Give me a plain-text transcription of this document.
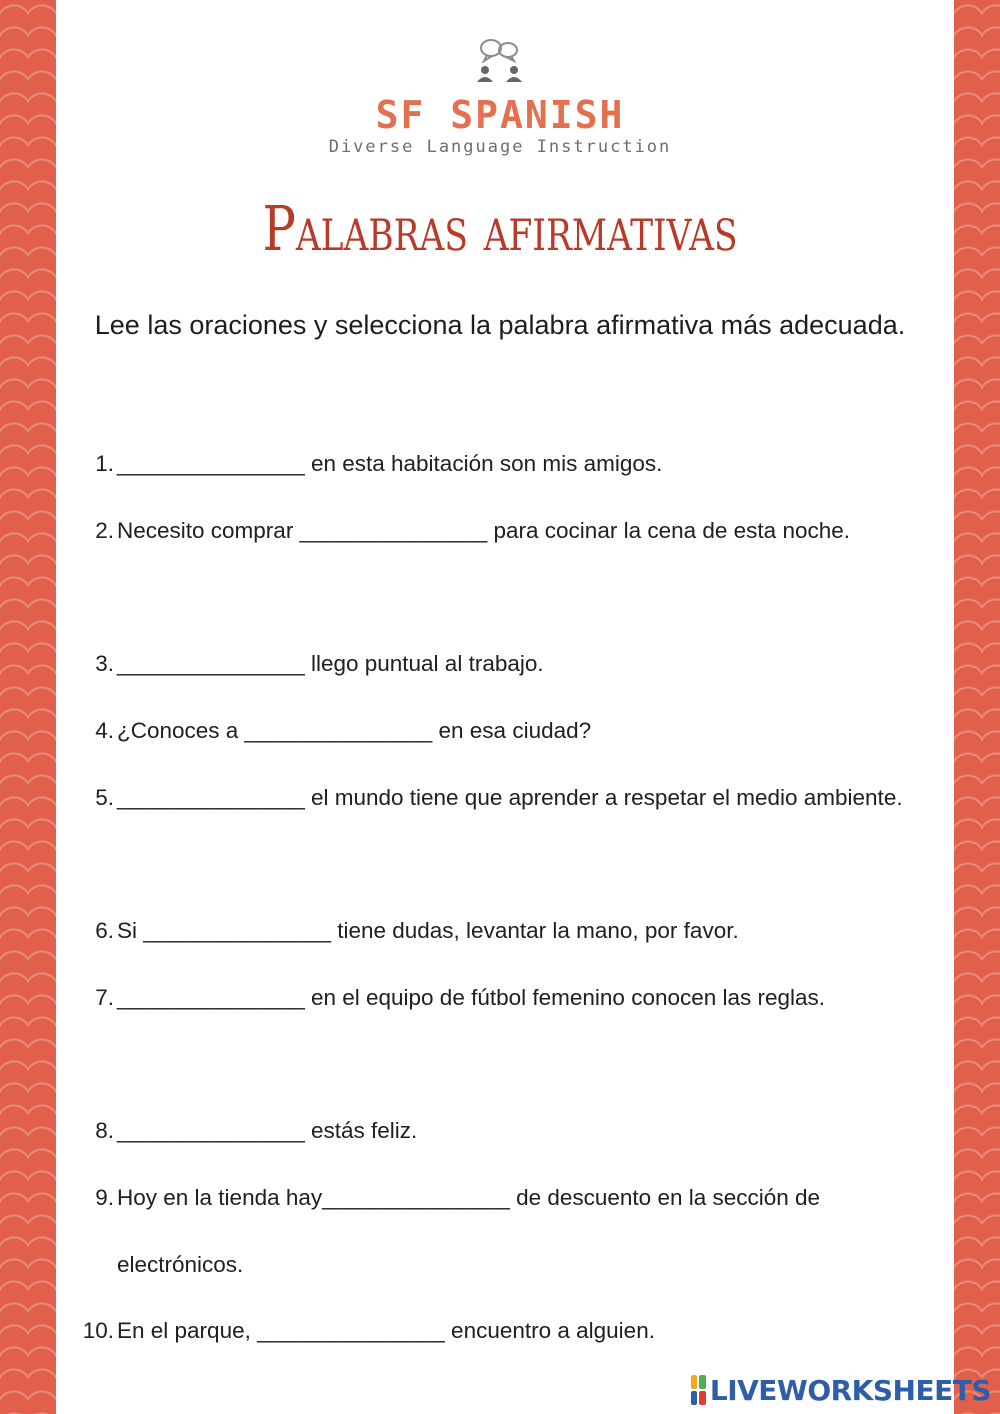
SF SPANISH
Diverse Language Instruction
Palabras afirmativas
Lee las oraciones y selecciona la palabra afirmativa más adecuada.
1. _______________ en esta habitación son mis amigos.
2. Necesito comprar _______________ para cocinar la cena de esta noche.
3. _______________ llego puntual al trabajo.
4. ¿Conoces a _______________ en esa ciudad?
5. _______________ el mundo tiene que aprender a respetar el medio ambiente.
6. Si _______________ tiene dudas, levantar la mano, por favor.
7. _______________ en el equipo de fútbol femenino conocen las reglas.
8. _______________ estás feliz.
9. Hoy en la tienda hay_______________ de descuento en la sección de electrónicos.
10. En el parque, _______________ encuentro a alguien.
LIVEWORKSHEETS
